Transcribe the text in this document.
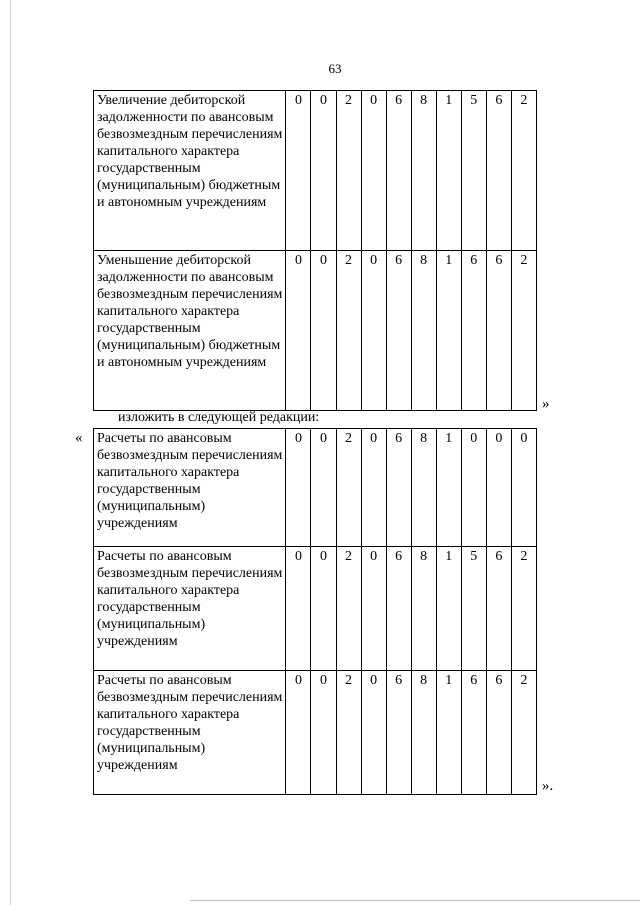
63
Увеличение дебиторской задолженности по авансовым безвозмездным перечислениям капитального характера государственным (муниципальным) бюджетным и автономным учреждениям	0	0	2	0	6	8	1	5	6	2
Уменьшение дебиторской задолженности по авансовым безвозмездным перечислениям капитального характера государственным (муниципальным) бюджетным и автономным учреждениям	0	0	2	0	6	8	1	6	6	2
»
изложить в следующей редакции:
« Расчеты по авансовым безвозмездным перечислениям капитального характера государственным (муниципальным) учреждениям	0	0	2	0	6	8	1	0	0	0
Расчеты по авансовым безвозмездным перечислениям капитального характера государственным (муниципальным) учреждениям	0	0	2	0	6	8	1	5	6	2
Расчеты по авансовым безвозмездным перечислениям капитального характера государственным (муниципальным) учреждениям	0	0	2	0	6	8	1	6	6	2
».
